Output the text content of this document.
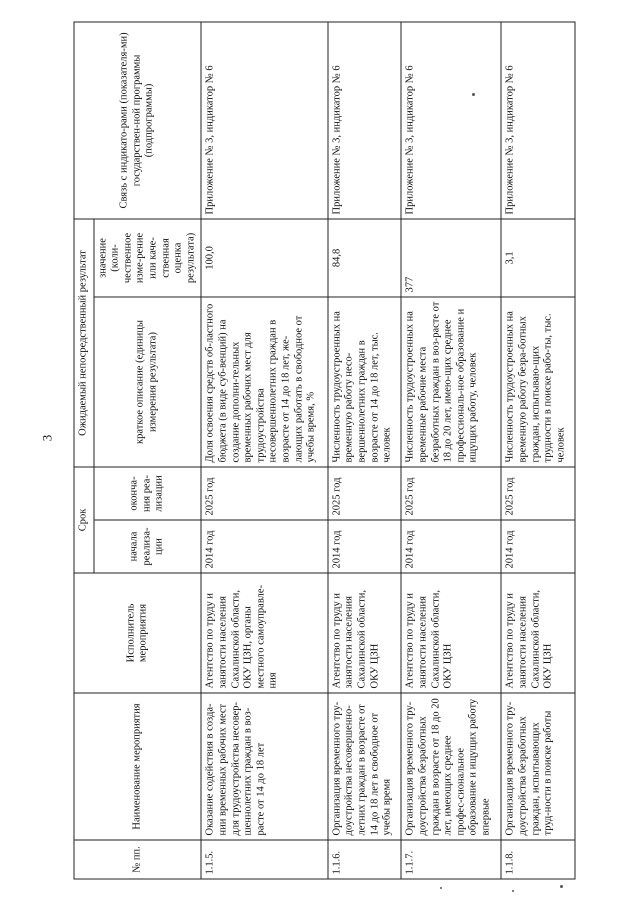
3
№ пп.	Наименование мероприятия	Исполнитель мероприятия	Срок		Ожидаемый непосредственный результат		Связь с индикато-рами (показателя-ми) государствен-ной программы (подпрограммы)
			начала реализа-ции	оконча-ния реа-лизации	краткое описание (единицы измерения результата)	значение (коли-чественное изме-рение или каче-ственная оценка результата)	
1.1.5.	Оказание содействия в созда-нии временных рабочих мест для трудоустройства несовер-шеннолетних граждан в воз-расте от 14 до 18 лет	Агентство по труду и занятости населения Сахалинской области, ОКУ ЦЗН, органы местного самоуправле-ния	2014 год	2025 год	Доля освоения средств об-ластного бюджета (в виде суб-венций) на создание дополни-тельных временных рабочих мест для трудоустройства несовершеннолетних граждан в возрасте от 14 до 18 лет, же-лающих работать в свободное от учебы время, %	100,0	Приложение № 3, индикатор № 6
1.1.6.	Организация временного тру-доустройства несовершенно-летних граждан в возрасте от 14 до 18 лет в свободное от учебы время	Агентство по труду и занятости населения Сахалинской области, ОКУ ЦЗН	2014 год	2025 год	Численность трудоустроенных на временную работу несо-вершеннолетних граждан в возрасте от 14 до 18 лет, тыс. человек	84,8	Приложение № 3, индикатор № 6
1.1.7.	Организация временного тру-доустройства безработных граждан в возрасте от 18 до 20 лет, имеющих среднее профес-сиональное образование и ищущих работу впервые	Агентство по труду и занятости населения Сахалинской области, ОКУ ЦЗН	2014 год	2025 год	Численность трудоустроенных на временные рабочие места безработных граждан в воз-расте от 18 до 20 лет, имею-щих среднее профессиональ-ное образование и ищущих работу, человек	377	Приложение № 3, индикатор № 6
1.1.8.	Организация временного тру-доустройства безработных граждан, испытывающих труд-ности в поиске работы	Агентство по труду и занятости населения Сахалинской области, ОКУ ЦЗН	2014 год	2025 год	Численность трудоустроенных на временную работу безра-ботных граждан, испытываю-щих трудности в поиске рабо-ты, тыс. человек	3,1	Приложение № 3, индикатор № 6
